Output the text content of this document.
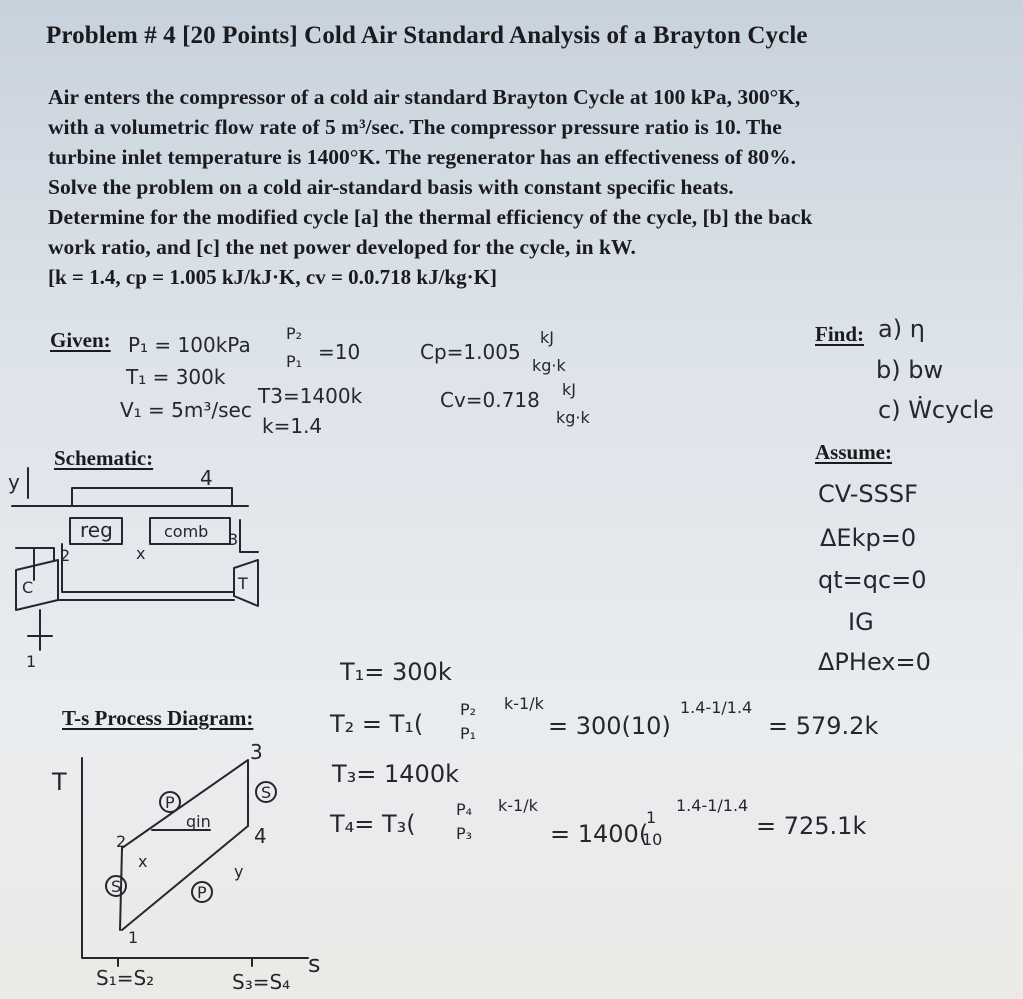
Problem # 4 [20 Points] Cold Air Standard Analysis of a Brayton Cycle
Air enters the compressor of a cold air standard Brayton Cycle at 100 kPa, 300°K,
with a volumetric flow rate of 5 m³/sec. The compressor pressure ratio is 10. The
turbine inlet temperature is 1400°K. The regenerator has an effectiveness of 80%.
Solve the problem on a cold air-standard basis with constant specific heats.
Determine for the modified cycle [a] the thermal efficiency of the cycle, [b] the back
work ratio, and [c] the net power developed for the cycle, in kW.
[k = 1.4, cp = 1.005 kJ/kJ·K, cv = 0.0.718 kJ/kg·K]
Given:	Find:
Schematic:	Assume:
T-s Process Diagram:
P₁ = 100kPa
T₁ = 300k
V₁ = 5m³/sec
P₂
P₁ =10
T3=1400k
k=1.4
Cp=1.005
kJ
kg·k
Cv=0.718 kJ
kg·k
a) η
b) bw
c) Ẇcycle
CV-SSSF
ΔEkp=0
qt=qc=0
IG
ΔPHex=0
reg	comb
C	T
4
3
2	x
y
1
T
s
2
3
4
x
y
1
P
S
S	P
qin
S₁=S₂	S₃=S₄
T₁= 300k
T₂ = T₁(
P₂
P₁
k-1/k
= 300(10)
1.4-1/1.4
= 579.2k
T₃= 1400k
T₄= T₃(
P₄
P₃
k-1/k
= 1400(
1
10
1.4-1/1.4
= 725.1k
